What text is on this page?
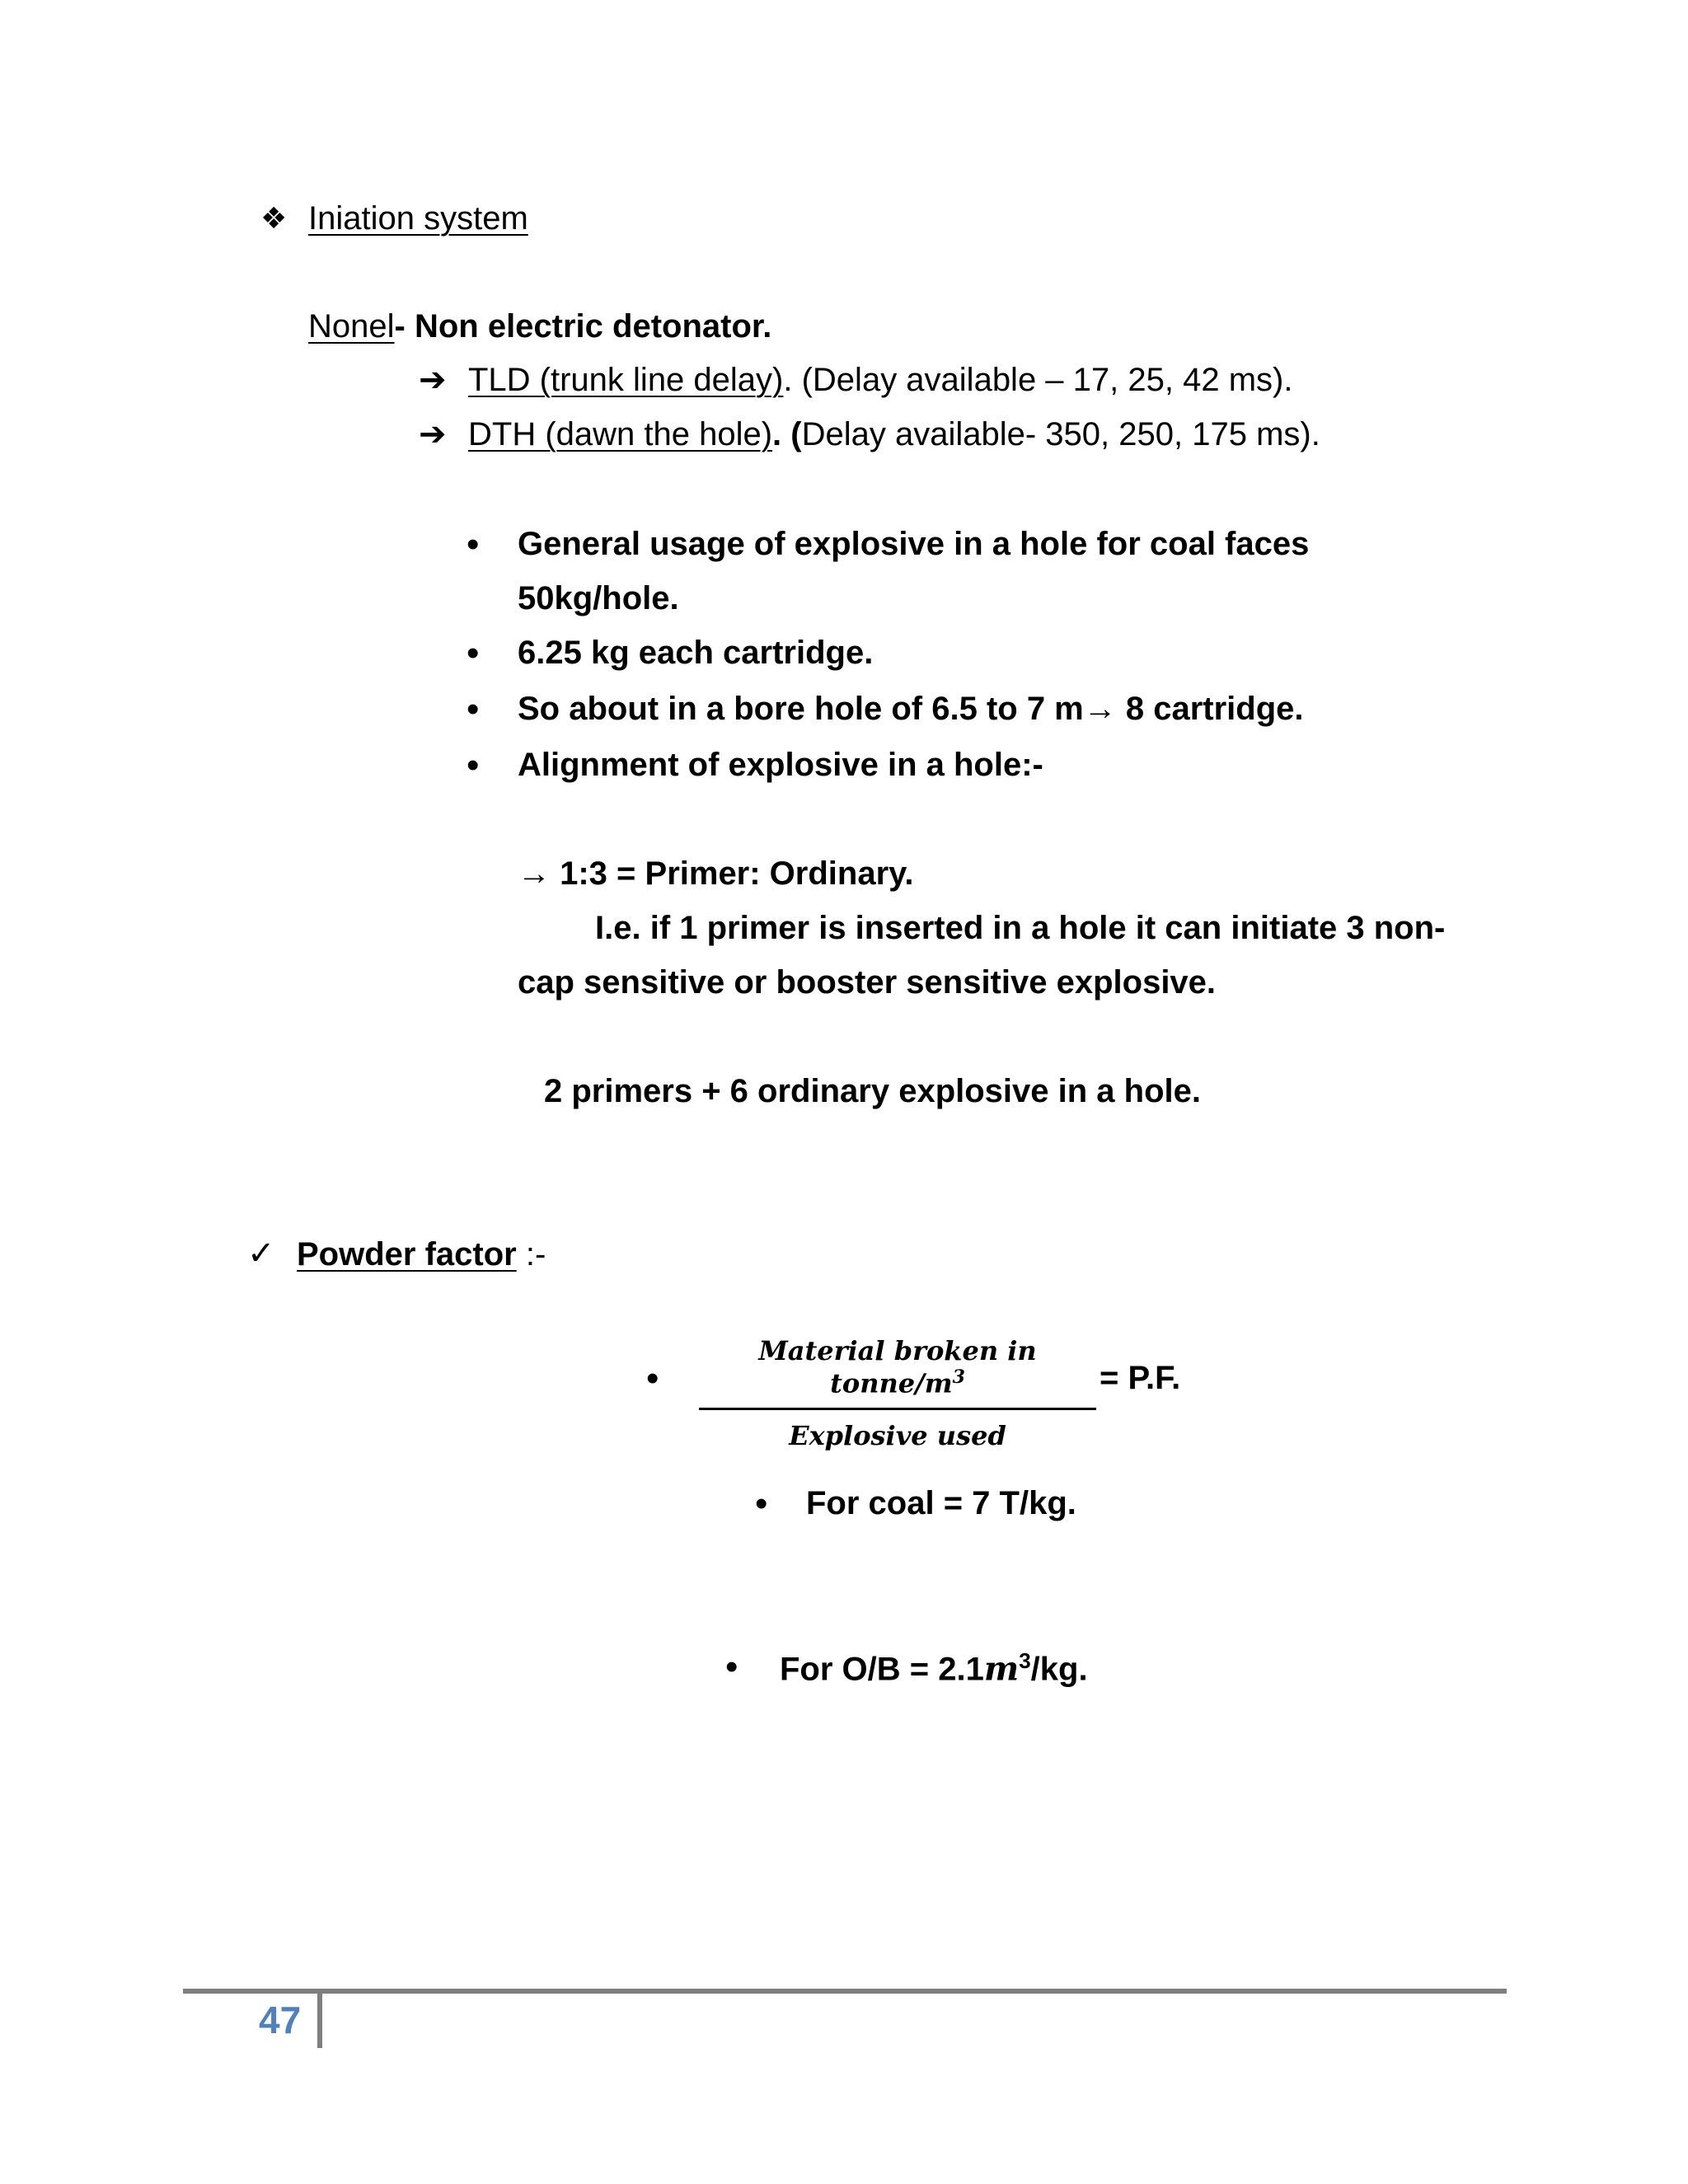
❖ Iniation system
Nonel- Non electric detonator.
➔ TLD (trunk line delay). (Delay available – 17, 25, 42 ms).
➔ DTH (dawn the hole). (Delay available- 350, 250, 175 ms).
• General usage of explosive in a hole for coal faces
50kg/hole.
• 6.25 kg each cartridge.
• So about in a bore hole of 6.5 to 7 m→ 8 cartridge.
• Alignment of explosive in a hole:-
→ 1:3 = Primer: Ordinary.
I.e. if 1 primer is inserted in a hole it can initiate 3 non-
cap sensitive or booster sensitive explosive.
2 primers + 6 ordinary explosive in a hole.
✓ Powder factor :-
•
Material broken in tonne/$m^3$
Explosive used
= P.F.
• For coal = 7 T/kg.
• For $O/B = 2.1m^3/kg$.
47
